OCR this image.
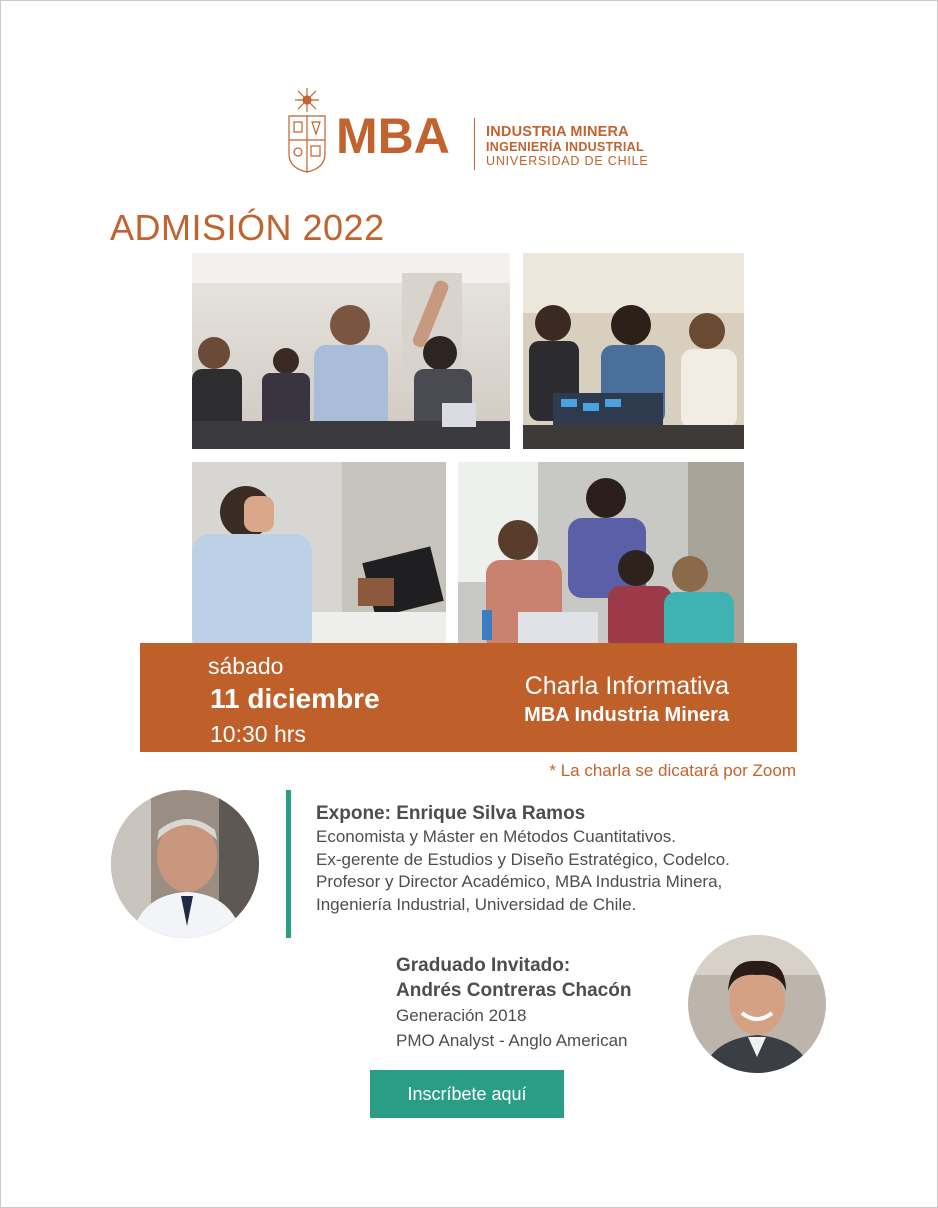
MBA INDUSTRIA MINERA
INGENIERÍA INDUSTRIAL
UNIVERSIDAD DE CHILE
ADMISIÓN 2022
sábado
11 diciembre
10:30 hrs
Charla Informativa
MBA Industria Minera
* La charla se dicatará por Zoom
Expone: Enrique Silva Ramos
Economista y Máster en Métodos Cuantitativos.
Ex-gerente de Estudios y Diseño Estratégico, Codelco.
Profesor y Director Académico, MBA Industria Minera,
Ingeniería Industrial, Universidad de Chile.
Graduado Invitado:
Andrés Contreras Chacón
Generación 2018
PMO Analyst - Anglo American
Inscríbete aquí
